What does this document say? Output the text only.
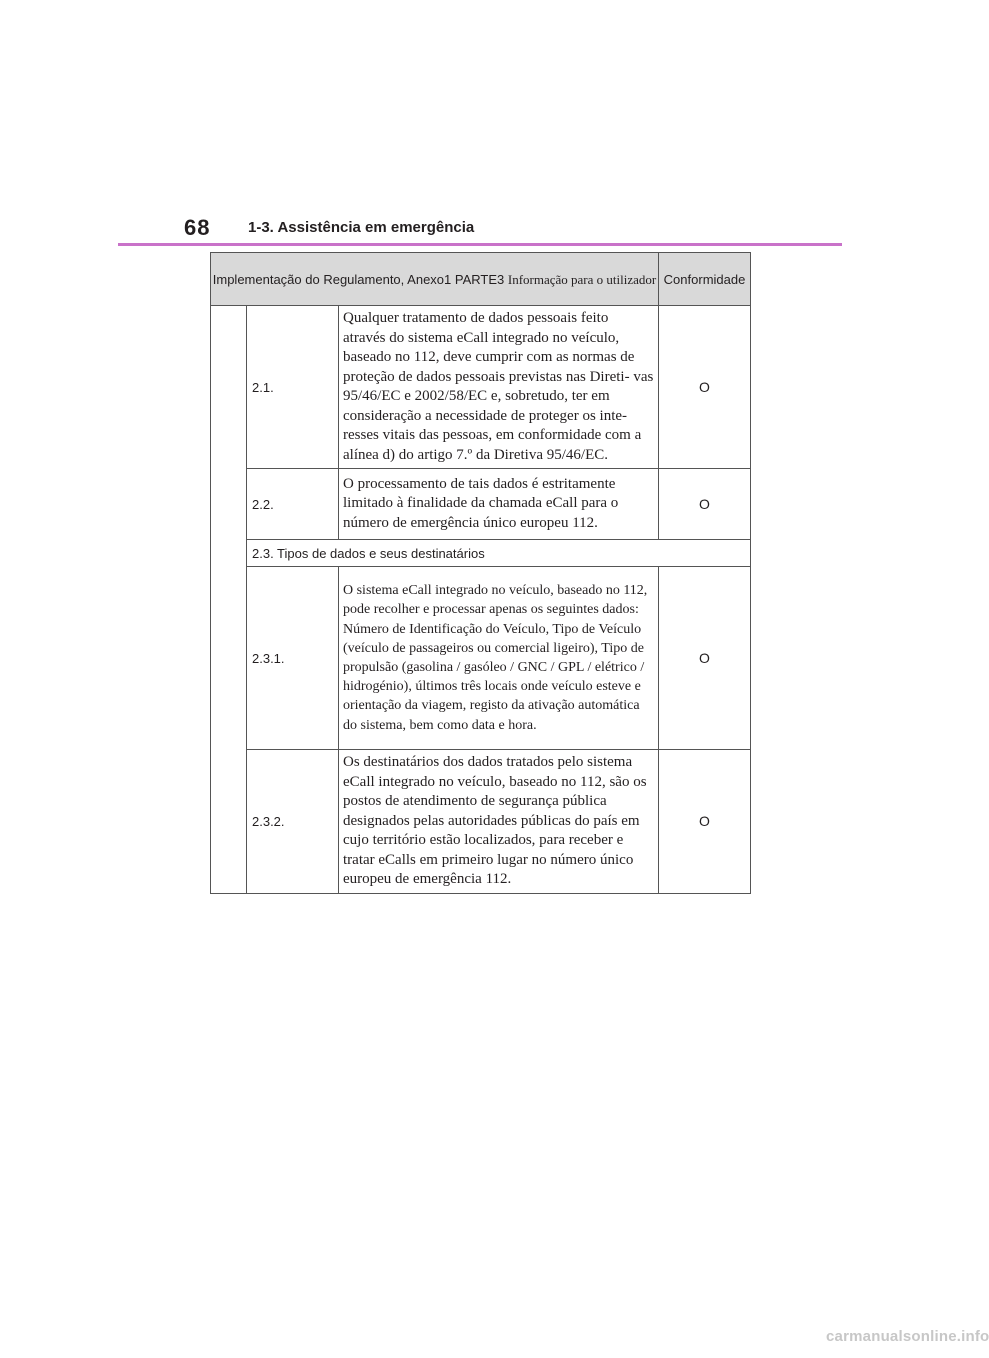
68	1-3. Assistência em emergência
Implementação do Regulamento, Anexo1 PARTE3 Informação para o utilizador			Conformidade
	2.1.	Qualquer tratamento de dados pessoais feito através do sistema eCall integrado no veículo, baseado no 112, deve cumprir com as normas de proteção de dados pessoais previstas nas Direti- vas 95/46/EC e 2002/58/EC e, sobretudo, ter em consideração a necessidade de proteger os inte- resses vitais das pessoas, em conformidade com a alínea d) do artigo 7.º da Diretiva 95/46/EC.	O
	2.2.	O processamento de tais dados é estritamente limitado à finalidade da chamada eCall para o número de emergência único europeu 112.	O
	2.3. Tipos de dados e seus destinatários		
	2.3.1.	O sistema eCall integrado no veículo, baseado no 112, pode recolher e processar apenas os seguintes dados: Número de Identificação do Veículo, Tipo de Veículo (veículo de passageiros ou comercial ligeiro), Tipo de propulsão (gasolina / gasóleo / GNC / GPL / elétrico / hidrogénio), últimos três locais onde veículo esteve e orientação da viagem, registo da ativação automática do sistema, bem como data e hora.	O
	2.3.2.	Os destinatários dos dados tratados pelo sistema eCall integrado no veículo, baseado no 112, são os postos de atendimento de segurança pública designados pelas autoridades públicas do país em cujo território estão localizados, para receber e tratar eCalls em primeiro lugar no número único europeu de emergência 112.	O
carmanualsonline.info
